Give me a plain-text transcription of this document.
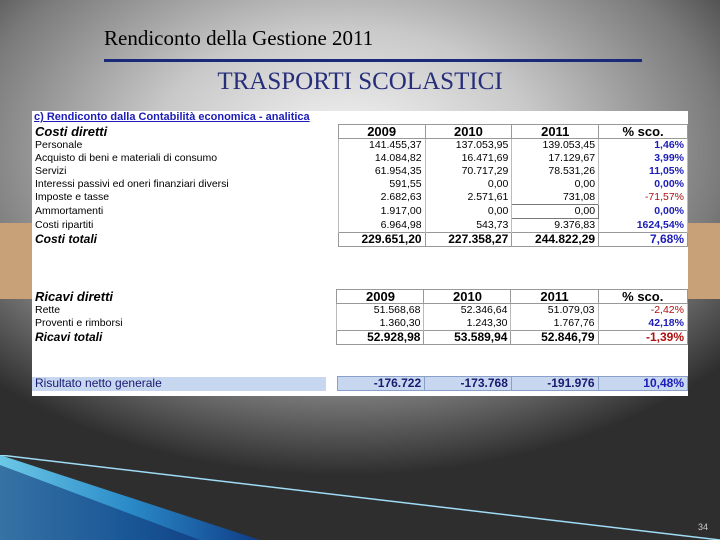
Rendiconto della Gestione 2011
TRASPORTI SCOLASTICI
c) Rendiconto dalla Contabilità economica - analitica
Costi diretti		2009	2010	2011	% sco.
Personale		141.455,37	137.053,95	139.053,45	1,46%
Acquisto di beni e materiali di consumo		14.084,82	16.471,69	17.129,67	3,99%
Servizi		61.954,35	70.717,29	78.531,26	11,05%
Interessi passivi ed oneri finanziari diversi		591,55	0,00	0,00	0,00%
Imposte e tasse		2.682,63	2.571,61	731,08	-71,57%
Ammortamenti		1.917,00	0,00	0,00	0,00%
Costi ripartiti		6.964,98	543,73	9.376,83	1624,54%
Costi totali		229.651,20	227.358,27	244.822,29	7,68%
Ricavi diretti		2009	2010	2011	% sco.
Rette		51.568,68	52.346,64	51.079,03	-2,42%
Proventi e rimborsi		1.360,30	1.243,30	1.767,76	42,18%
Ricavi totali		52.928,98	53.589,94	52.846,79	-1,39%
Risultato netto generale		-176.722	-173.768	-191.976	10,48%
34
